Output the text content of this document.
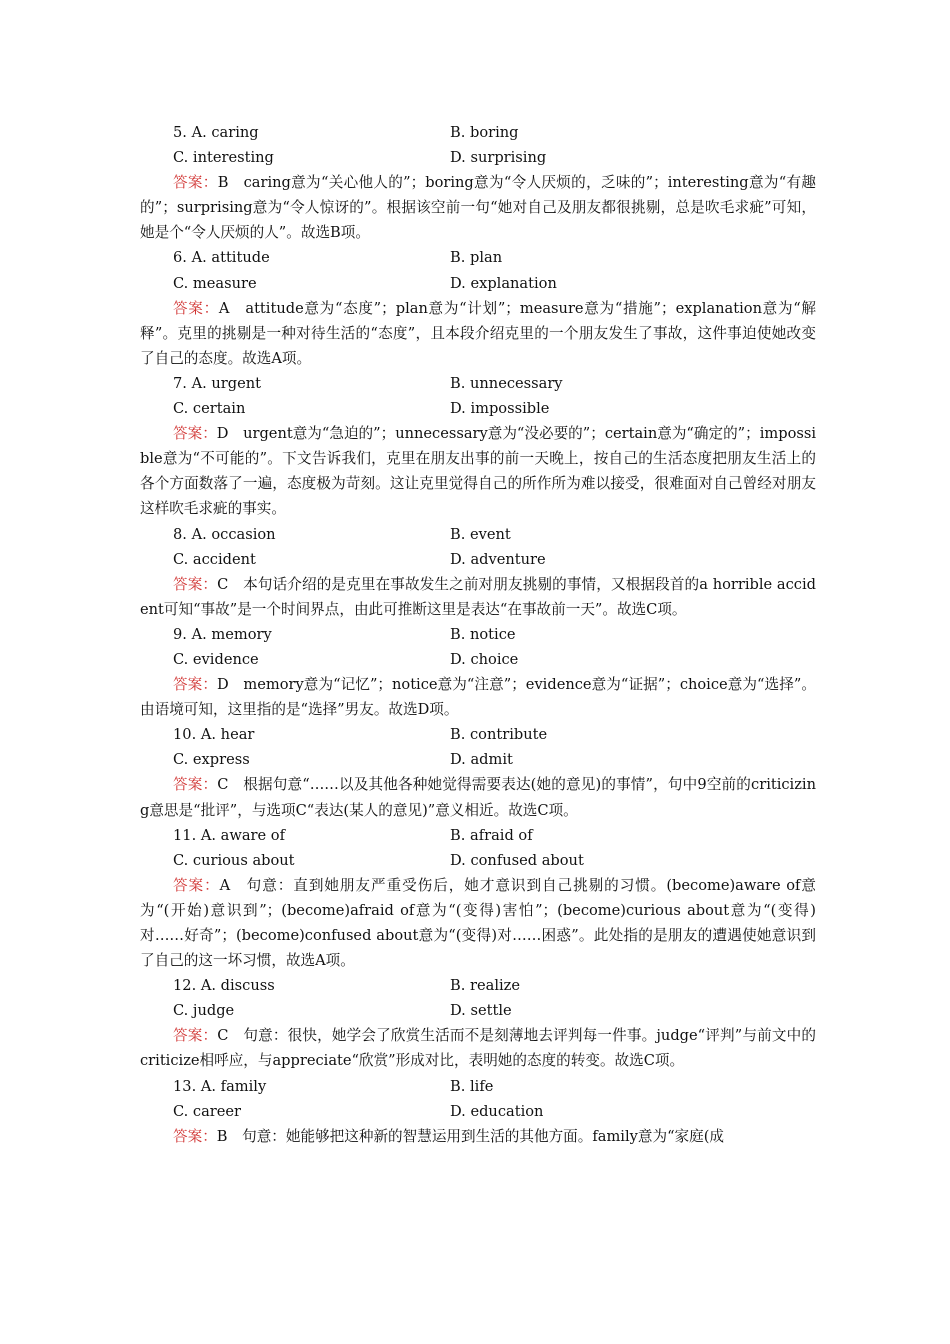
5. A. caring	B. boring
C. interesting	D. surprising
答案：B　caring意为“关心他人的”；boring意为“令人厌烦的，乏味的”；interesting意为“有趣的”；surprising意为“令人惊讶的”。根据该空前一句“她对自己及朋友都很挑剔，总是吹毛求疵”可知，她是个“令人厌烦的人”。故选B项。
6. A. attitude	B. plan
C. measure	D. explanation
答案：A　attitude意为“态度”；plan意为“计划”；measure意为“措施”；explanation意为“解释”。克里的挑剔是一种对待生活的“态度”，且本段介绍克里的一个朋友发生了事故，这件事迫使她改变了自己的态度。故选A项。
7. A. urgent	B. unnecessary
C. certain	D. impossible
答案：D　urgent意为“急迫的”；unnecessary意为“没必要的”；certain意为“确定的”；impossible意为“不可能的”。下文告诉我们，克里在朋友出事的前一天晚上，按自己的生活态度把朋友生活上的各个方面数落了一遍，态度极为苛刻。这让克里觉得自己的所作所为难以接受，很难面对自己曾经对朋友这样吹毛求疵的事实。
8. A. occasion	B. event
C. accident	D. adventure
答案：C　本句话介绍的是克里在事故发生之前对朋友挑剔的事情，又根据段首的a horrible accident可知“事故”是一个时间界点，由此可推断这里是表达“在事故前一天”。故选C项。
9. A. memory	B. notice
C. evidence	D. choice
答案：D　memory意为“记忆”；notice意为“注意”；evidence意为“证据”；choice意为“选择”。由语境可知，这里指的是“选择”男友。故选D项。
10. A. hear	B. contribute
C. express	D. admit
答案：C　根据句意“……以及其他各种她觉得需要表达(她的意见)的事情”，句中9空前的criticizing意思是“批评”，与选项C“表达(某人的意见)”意义相近。故选C项。
11. A. aware of	B. afraid of
C. curious about	D. confused about
答案：A　句意：直到她朋友严重受伤后，她才意识到自己挑剔的习惯。(become)aware of意为“(开始)意识到”；(become)afraid of意为“(变得)害怕”；(become)curious about意为“(变得)对……好奇”；(become)confused about意为“(变得)对……困惑”。此处指的是朋友的遭遇使她意识到了自己的这一坏习惯，故选A项。
12. A. discuss	B. realize
C. judge	D. settle
答案：C　句意：很快，她学会了欣赏生活而不是刻薄地去评判每一件事。judge“评判”与前文中的criticize相呼应，与appreciate“欣赏”形成对比，表明她的态度的转变。故选C项。
13. A. family	B. life
C. career	D. education
答案：B　句意：她能够把这种新的智慧运用到生活的其他方面。family意为“家庭(成
